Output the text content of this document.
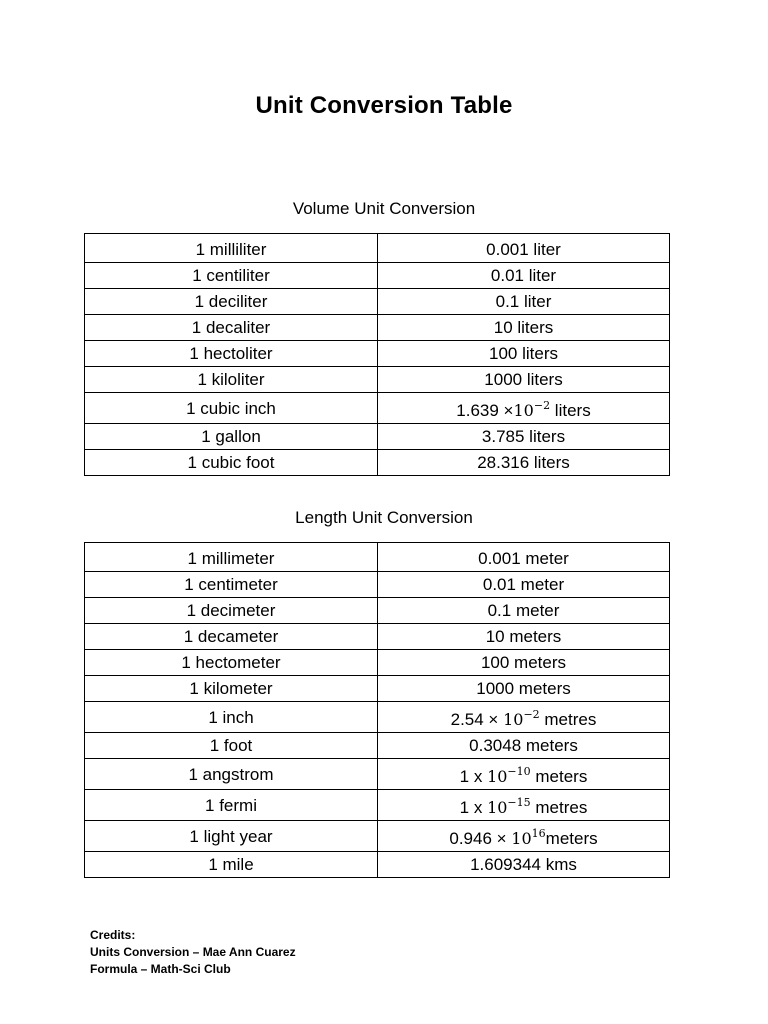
Unit Conversion Table
Volume Unit Conversion
1 milliliter	0.001 liter
1 centiliter	0.01 liter
1 deciliter	0.1 liter
1 decaliter	10 liters
1 hectoliter	100 liters
1 kiloliter	1000 liters
1 cubic inch	$1.639 \times 10^{-2}$ liters
1 gallon	3.785 liters
1 cubic foot	28.316 liters
Length Unit Conversion
1 millimeter	0.001 meter
1 centimeter	0.01 meter
1 decimeter	0.1 meter
1 decameter	10 meters
1 hectometer	100 meters
1 kilometer	1000 meters
1 inch	$2.54 \times 10^{-2}$ metres
1 foot	0.3048 meters
1 angstrom	1 x $10^{-10}$ meters
1 fermi	1 x $10^{-15}$ metres
1 light year	$0.946 \times 10^{16}meters$
1 mile	1.609344 kms
Credits:
Units Conversion – Mae Ann Cuarez
Formula – Math-Sci Club
